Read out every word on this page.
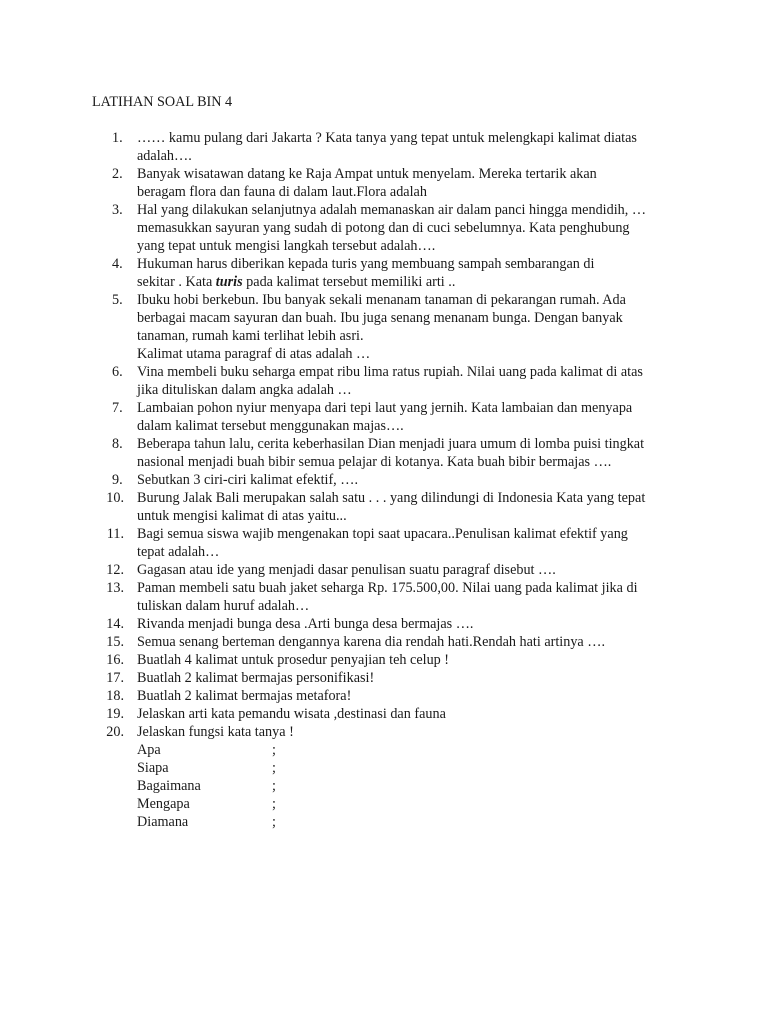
LATIHAN SOAL BIN 4
1.	…… kamu pulang dari Jakarta ? Kata tanya yang tepat untuk melengkapi kalimat diatas
adalah….
2.	Banyak wisatawan datang ke Raja Ampat untuk menyelam. Mereka tertarik akan
beragam flora dan fauna di dalam laut.Flora adalah
3.	Hal yang dilakukan selanjutnya adalah memanaskan air dalam panci hingga mendidih, …
memasukkan sayuran yang sudah di potong dan di cuci sebelumnya. Kata penghubung
yang tepat untuk mengisi langkah tersebut adalah….
4.	Hukuman harus diberikan kepada turis yang membuang sampah sembarangan di
sekitar . Kata turis pada kalimat tersebut memiliki arti ..
5.	Ibuku hobi berkebun. Ibu banyak sekali menanam tanaman di pekarangan rumah. Ada
berbagai macam sayuran dan buah. Ibu juga senang menanam bunga. Dengan banyak
tanaman, rumah kami terlihat lebih asri.
Kalimat utama paragraf di atas adalah …
6.	Vina membeli buku seharga empat ribu lima ratus rupiah. Nilai uang pada kalimat di atas
jika dituliskan dalam angka adalah …
7.	Lambaian pohon nyiur menyapa dari tepi laut yang jernih. Kata lambaian dan menyapa
dalam kalimat tersebut menggunakan majas….
8.	Beberapa tahun lalu, cerita keberhasilan Dian menjadi juara umum di lomba puisi tingkat
nasional menjadi buah bibir semua pelajar di kotanya. Kata buah bibir bermajas ….
9.	Sebutkan 3 ciri-ciri kalimat efektif, ….
10. Burung Jalak Bali merupakan salah satu . . . yang dilindungi di Indonesia Kata yang tepat
untuk mengisi kalimat di atas yaitu...
11. Bagi semua siswa wajib mengenakan topi saat upacara..Penulisan kalimat efektif yang
tepat adalah…
12. Gagasan atau ide yang menjadi dasar penulisan suatu paragraf disebut ….
13. Paman membeli satu buah jaket seharga Rp. 175.500,00. Nilai uang pada kalimat jika di
tuliskan dalam huruf adalah…
14. Rivanda menjadi bunga desa .Arti bunga desa bermajas ….
15. Semua senang berteman dengannya karena dia rendah hati.Rendah hati artinya ….
16. Buatlah 4 kalimat untuk prosedur penyajian teh celup !
17. Buatlah 2 kalimat bermajas personifikasi!
18. Buatlah 2 kalimat bermajas metafora!
19. Jelaskan arti kata pemandu wisata ,destinasi dan fauna
20. Jelaskan fungsi kata tanya !
Apa	;
Siapa	;
Bagaimana	;
Mengapa	;
Diamana	;
